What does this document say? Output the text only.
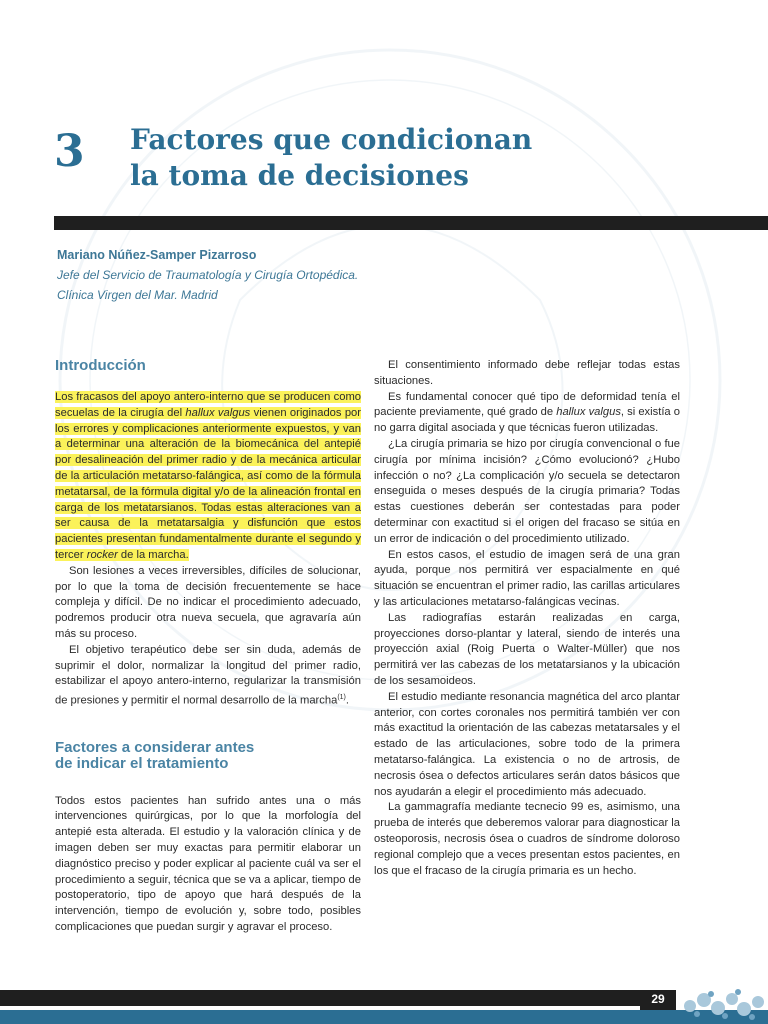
3 Factores que condicionan
la toma de decisiones
Mariano Núñez-Samper Pizarroso
Jefe del Servicio de Traumatología y Cirugía Ortopédica.
Clínica Virgen del Mar. Madrid
Introducción

Los fracasos del apoyo antero-interno que se producen como secuelas de la cirugía del hallux valgus vienen originados por los errores y complicaciones anteriormente expuestos, y van a determinar una alteración de la biomecánica del antepié por desalineación del primer radio y de la mecánica articular de la articulación metatarso-falángica, así como de la fórmula metatarsal, de la fórmula digital y/o de la alineación frontal en carga de los metatarsianos. Todas estas alteraciones van a ser causa de la metatarsalgia y disfunción que estos pacientes presentan fundamentalmente durante el segundo y tercer rocker de la marcha.

Son lesiones a veces irreversibles, difíciles de solucionar, por lo que la toma de decisión frecuentemente se hace compleja y difícil. De no indicar el procedimiento adecuado, podremos producir otra nueva secuela, que agravaría aún más su proceso.

El objetivo terapéutico debe ser sin duda, además de suprimir el dolor, normalizar la longitud del primer radio, estabilizar el apoyo antero-interno, regularizar la transmisión de presiones y permitir el normal desarrollo de la marcha$^{(1)}$.

Factores a considerar antes
de indicar el tratamiento

Todos estos pacientes han sufrido antes una o más intervenciones quirúrgicas, por lo que la morfología del antepié esta alterada. El estudio y la valoración clínica y de imagen deben ser muy exactas para permitir elaborar un diagnóstico preciso y poder explicar al paciente cuál va ser el procedimiento a seguir, técnica que se va a aplicar, tiempo de postoperatorio, tipo de apoyo que hará después de la intervención, tiempo de evolución y, sobre todo, posibles complicaciones que puedan surgir y agravar el proceso.

El consentimiento informado debe reflejar todas estas situaciones.

Es fundamental conocer qué tipo de deformidad tenía el paciente previamente, qué grado de hallux valgus, si existía o no garra digital asociada y que técnicas fueron utilizadas.

¿La cirugía primaria se hizo por cirugía convencional o fue cirugía por mínima incisión? ¿Cómo evolucionó? ¿Hubo infección o no? ¿La complicación y/o secuela se detectaron enseguida o meses después de la cirugía primaria? Todas estas cuestiones deberán ser contestadas para poder determinar con exactitud si el origen del fracaso se sitúa en un error de indicación o del procedimiento utilizado.

En estos casos, el estudio de imagen será de una gran ayuda, porque nos permitirá ver espacialmente en qué situación se encuentran el primer radio, las carillas articulares y las articulaciones metatarso-falángicas vecinas.

Las radiografías estarán realizadas en carga, proyecciones dorso-plantar y lateral, siendo de interés una proyección axial (Roig Puerta o Walter-Müller) que nos permitirá ver las cabezas de los metatarsianos y la ubicación de los sesamoideos.

El estudio mediante resonancia magnética del arco plantar anterior, con cortes coronales nos permitirá también ver con más exactitud la orientación de las cabezas metatarsales y el estado de las articulaciones, sobre todo de la primera metatarso-falángica. La existencia o no de artrosis, de necrosis ósea o defectos articulares serán datos básicos que nos ayudarán a elegir el procedimiento más adecuado.

La gammagrafía mediante tecnecio 99 es, asimismo, una prueba de interés que deberemos valorar para diagnosticar la osteoporosis, necrosis ósea o cuadros de síndrome doloroso regional complejo que a veces presentan estos pacientes, en los que el fracaso de la cirugía primaria es un hecho.

29
